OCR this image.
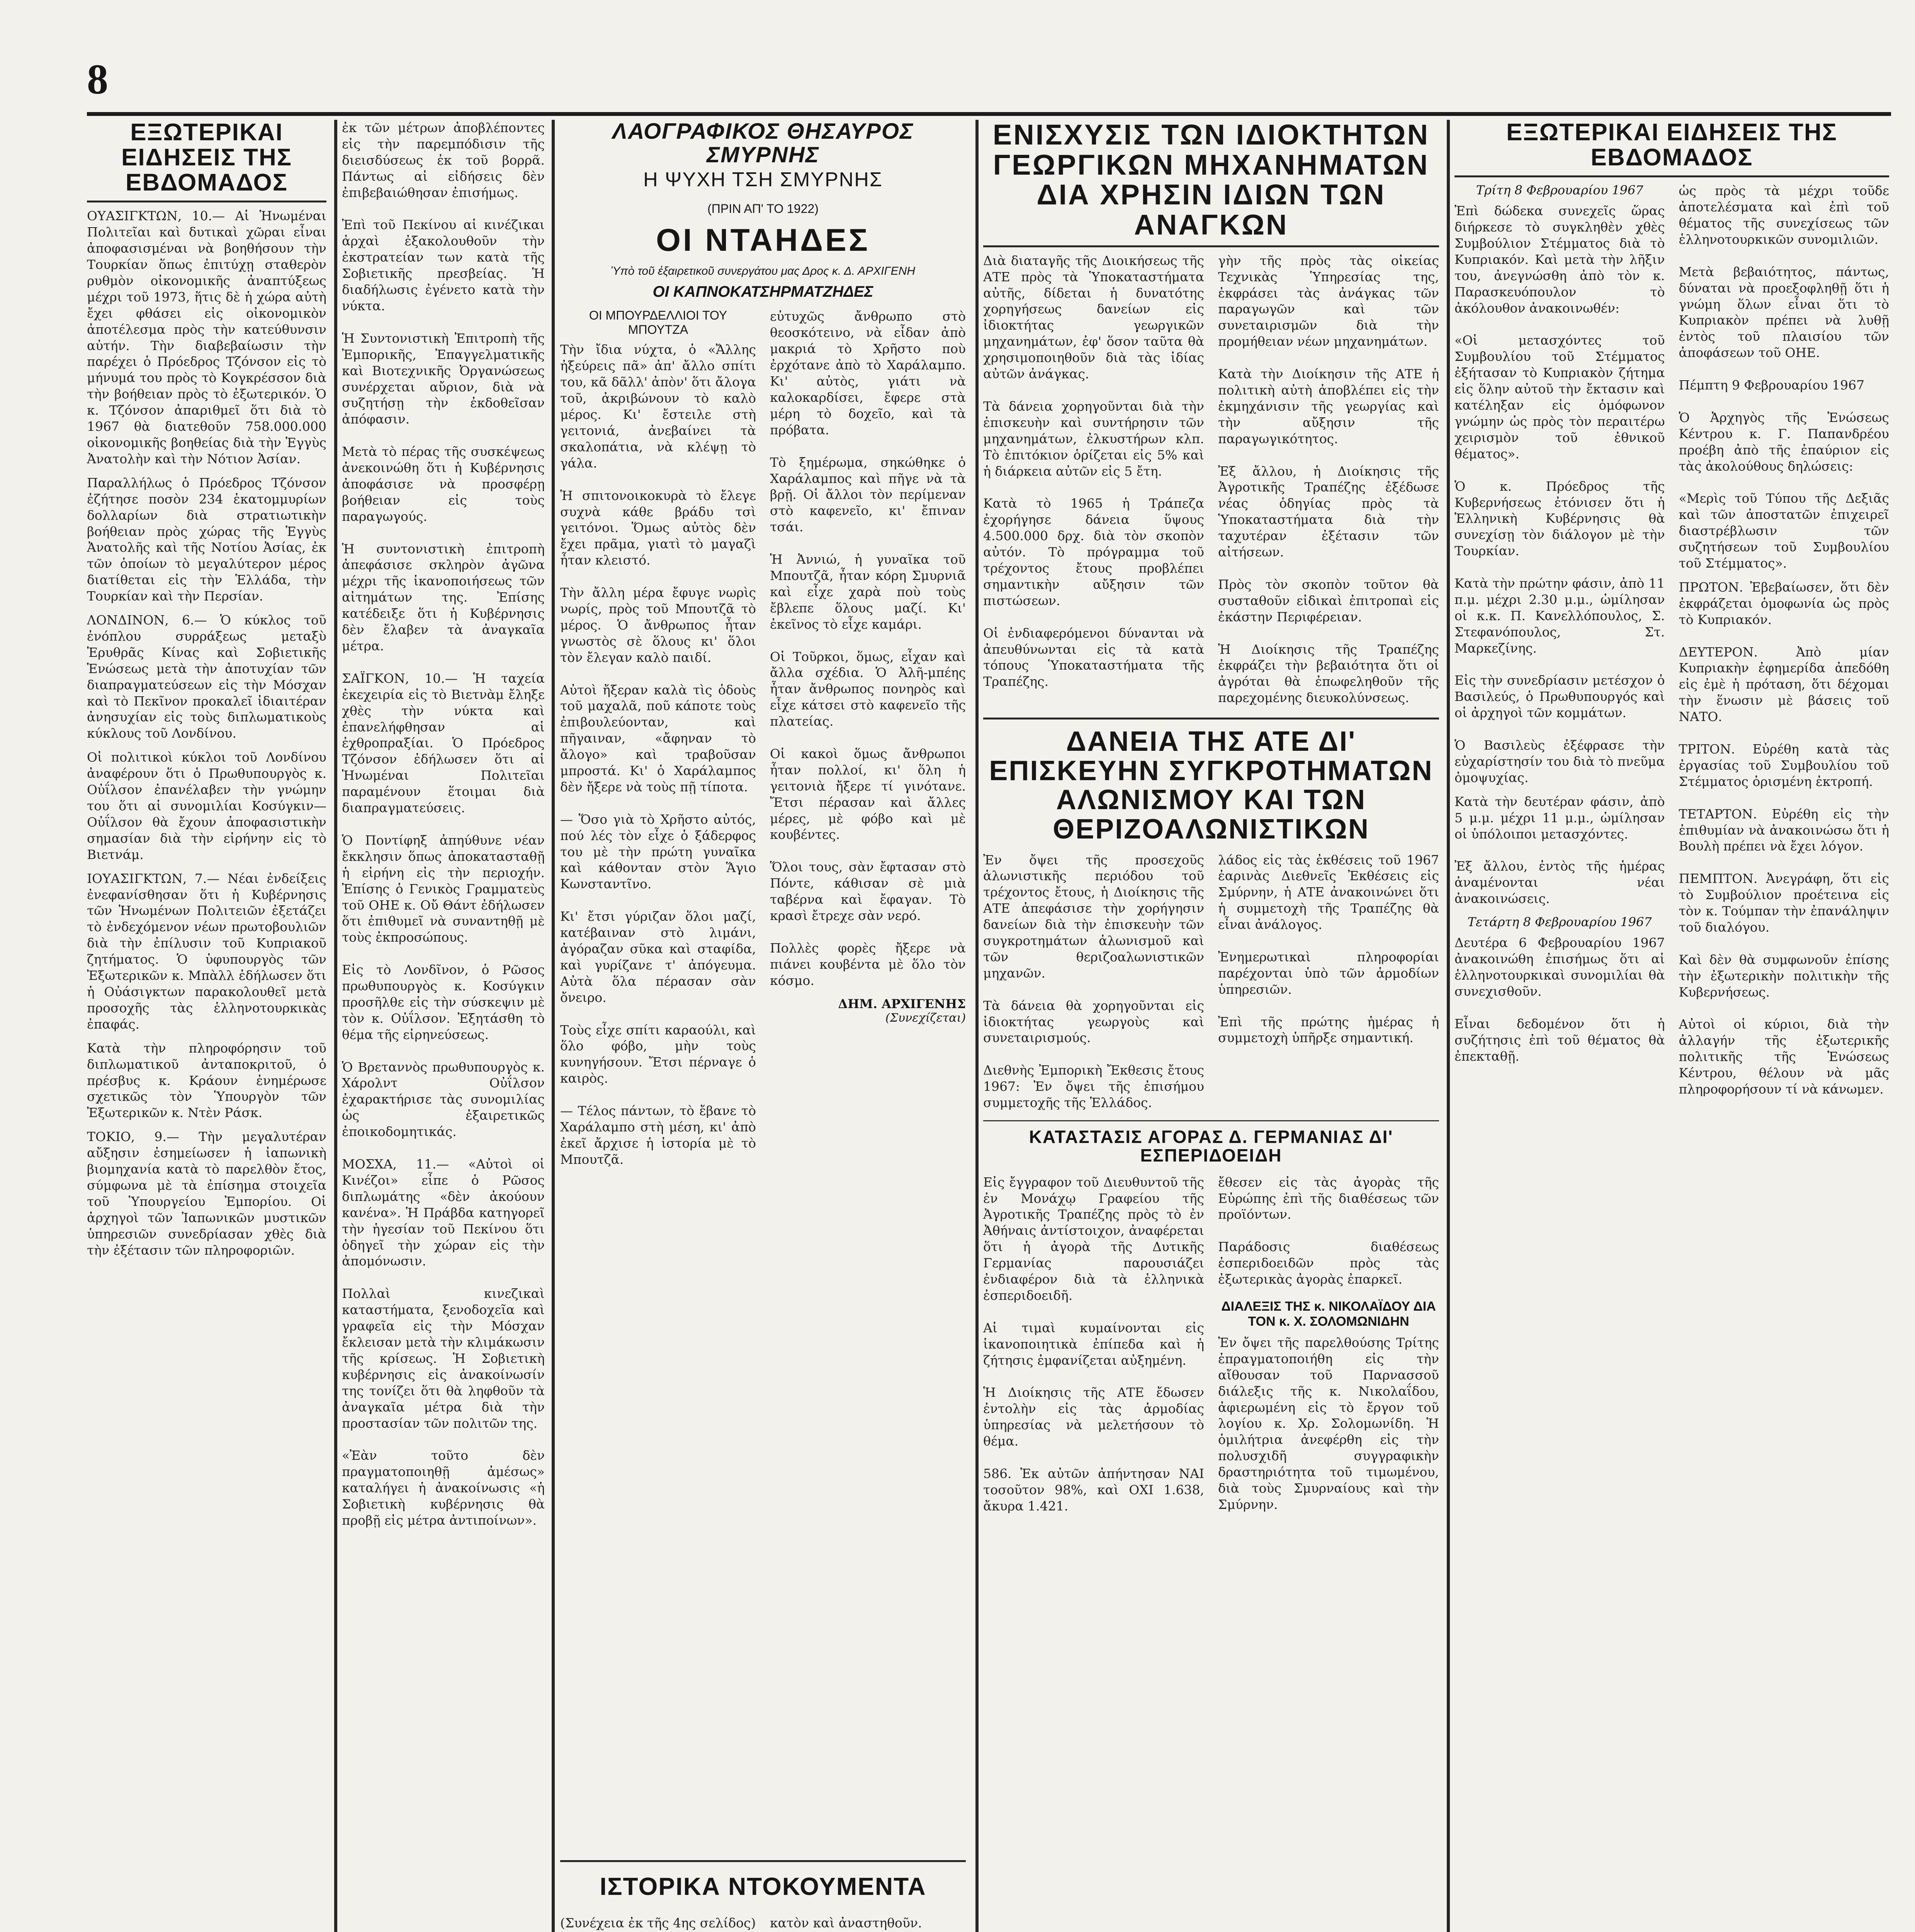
8
ΕΞΩΤΕΡΙΚΑΙ ΕΙΔΗΣΕΙΣ ΤΗΣ ΕΒΔΟΜΑΔΟΣ

ΟΥΑΣΙΓΚΤΩΝ, 10.— Αἱ Ἡνωμέναι Πολιτεῖαι καὶ δυτικαὶ χῶραι εἶναι ἀποφασισμέναι νὰ βοηθήσουν τὴν Τουρκίαν ὅπως ἐπιτύχῃ σταθερὸν ρυθμὸν οἰκονομικῆς ἀναπτύξεως μέχρι τοῦ 1973, ἥτις δὲ ἡ χώρα αὐτὴ ἔχει φθάσει εἰς οἰκονομικὸν ἀποτέλεσμα πρὸς τὴν κατεύθυνσιν αὐτήν. Τὴν διαβεβαίωσιν τὴν παρέχει ὁ Πρόεδρος Τζόνσον εἰς τὸ μήνυμά του πρὸς τὸ Κογκρέσσον διὰ τὴν βοήθειαν πρὸς τὸ ἐξωτερικόν. Ὁ κ. Τζόνσον ἀπαριθμεῖ ὅτι διὰ τὸ 1967 θὰ διατεθοῦν 758.000.000 οἰκονομικῆς βοηθείας διὰ τὴν Ἑγγὺς Ἀνατολὴν καὶ τὴν Νότιον Ἀσίαν.

Παραλλήλως ὁ Πρόεδρος Τζόνσον ἐζήτησε ποσὸν 234 ἑκατομμυρίων δολλαρίων διὰ στρατιωτικὴν βοήθειαν πρὸς χώρας τῆς Ἑγγὺς Ἀνατολῆς καὶ τῆς Νοτίου Ἀσίας, ἐκ τῶν ὁποίων τὸ μεγαλύτερον μέρος διατίθεται εἰς τὴν Ἑλλάδα, τὴν Τουρκίαν καὶ τὴν Περσίαν.

ΛΟΝΔΙΝΟΝ, 6.— Ὁ κύκλος τοῦ ἐνόπλου συρράξεως μεταξὺ Ἐρυθρᾶς Κίνας καὶ Σοβιετικῆς Ἑνώσεως μετὰ τὴν ἀποτυχίαν τῶν διαπραγματεύσεων εἰς τὴν Μόσχαν καὶ τὸ Πεκῖνον προκαλεῖ ἰδιαιτέραν ἀνησυχίαν εἰς τοὺς διπλωματικοὺς κύκλους τοῦ Λονδίνου.

Οἱ πολιτικοὶ κύκλοι τοῦ Λονδίνου ἀναφέρουν ὅτι ὁ Πρωθυπουργὸς κ. Οὐΐλσον ἐπανέλαβεν τὴν γνώμην του ὅτι αἱ συνομιλίαι Κοσύγκιν—Οὐΐλσον θὰ ἔχουν ἀποφασιστικὴν σημασίαν διὰ τὴν εἰρήνην εἰς τὸ Βιετνάμ.

ΙΟΥΑΣΙΓΚΤΩΝ, 7.— Νέαι ἐνδείξεις ἐνεφανίσθησαν ὅτι ἡ Κυβέρνησις τῶν Ἡνωμένων Πολιτειῶν ἐξετάζει τὸ ἐνδεχόμενον νέων πρωτοβουλιῶν διὰ τὴν ἐπίλυσιν τοῦ Κυπριακοῦ ζητήματος. Ὁ ὑφυπουργὸς τῶν Ἐξωτερικῶν κ. Μπὰλλ ἐδήλωσεν ὅτι ἡ Οὐάσιγκτων παρακολουθεῖ μετὰ προσοχῆς τὰς ἑλληνοτουρκικὰς ἐπαφάς.

Κατὰ τὴν πληροφόρησιν τοῦ διπλωματικοῦ ἀνταποκριτοῦ, ὁ πρέσβυς κ. Κράουν ἐνημέρωσε σχετικῶς τὸν Ὑπουργὸν τῶν Ἐξωτερικῶν κ. Ντὲν Ράσκ.

ΤΟΚΙΟ, 9.— Τὴν μεγαλυτέραν αὔξησιν ἐσημείωσεν ἡ ἰαπωνικὴ βιομηχανία κατὰ τὸ παρελθὸν ἔτος, σύμφωνα μὲ τὰ ἐπίσημα στοιχεῖα τοῦ Ὑπουργείου Ἐμπορίου. Οἱ ἀρχηγοὶ τῶν Ἰαπωνικῶν μυστικῶν ὑπηρεσιῶν συνεδρίασαν χθὲς διὰ τὴν ἐξέτασιν τῶν πληροφοριῶν.

ἐκ τῶν μέτρων ἀποβλέποντες εἰς τὴν παρεμπόδισιν τῆς διεισδύσεως ἐκ τοῦ βορρᾶ. Πάντως αἱ εἰδήσεις δὲν ἐπιβεβαιώθησαν ἐπισήμως.

Ἐπὶ τοῦ Πεκίνου αἱ κινέζικαι ἀρχαὶ ἐξακολουθοῦν τὴν ἐκστρατείαν των κατὰ τῆς Σοβιετικῆς πρεσβείας. Ἡ διαδήλωσις ἐγένετο κατὰ τὴν νύκτα.

Ἡ Συντονιστικὴ Ἐπιτροπὴ τῆς Ἐμπορικῆς, Ἐπαγγελματικῆς καὶ Βιοτεχνικῆς Ὀργανώσεως συνέρχεται αὔριον, διὰ νὰ συζητήσῃ τὴν ἐκδοθεῖσαν ἀπόφασιν.

Μετὰ τὸ πέρας τῆς συσκέψεως ἀνεκοινώθη ὅτι ἡ Κυβέρνησις ἀποφάσισε νὰ προσφέρῃ βοήθειαν εἰς τοὺς παραγωγούς.

Ἡ συντονιστικὴ ἐπιτροπὴ ἀπεφάσισε σκληρὸν ἀγῶνα μέχρι τῆς ἱκανοποιήσεως τῶν αἰτημάτων της. Ἐπίσης κατέδειξε ὅτι ἡ Κυβέρνησις δὲν ἔλαβεν τὰ ἀναγκαῖα μέτρα.

ΣΑΪΓΚΟΝ, 10.— Ἡ ταχεία ἐκεχειρία εἰς τὸ Βιετνὰμ ἔληξε χθὲς τὴν νύκτα καὶ ἐπανελήφθησαν αἱ ἐχθροπραξίαι. Ὁ Πρόεδρος Τζόνσον ἐδήλωσεν ὅτι αἱ Ἡνωμέναι Πολιτεῖαι παραμένουν ἕτοιμαι διὰ διαπραγματεύσεις.

Ὁ Ποντίφηξ ἀπηύθυνε νέαν ἔκκλησιν ὅπως ἀποκατασταθῇ ἡ εἰρήνη εἰς τὴν περιοχήν. Ἐπίσης ὁ Γενικὸς Γραμματεὺς τοῦ ΟΗΕ κ. Οὔ Θάντ ἐδήλωσεν ὅτι ἐπιθυμεῖ νὰ συναντηθῇ μὲ τοὺς ἐκπροσώπους.

Εἰς τὸ Λονδῖνον, ὁ Ρῶσος πρωθυπουργὸς κ. Κοσύγκιν προσῆλθε εἰς τὴν σύσκεψιν μὲ τὸν κ. Οὐΐλσον. Ἐξητάσθη τὸ θέμα τῆς εἰρηνεύσεως.

Ὁ Βρεταννὸς πρωθυπουργὸς κ. Χάρολντ Οὐΐλσον ἐχαρακτήρισε τὰς συνομιλίας ὡς ἐξαιρετικῶς ἐποικοδομητικάς.

ΜΟΣΧΑ, 11.— «Αὐτοὶ οἱ Κινέζοι» εἶπε ὁ Ρῶσος διπλωμάτης «δὲν ἀκούουν κανένα». Ἡ Πράβδα κατηγορεῖ τὴν ἡγεσίαν τοῦ Πεκίνου ὅτι ὁδηγεῖ τὴν χώραν εἰς τὴν ἀπομόνωσιν.

Πολλαὶ κινεζικαὶ καταστήματα, ξενοδοχεῖα καὶ γραφεῖα εἰς τὴν Μόσχαν ἔκλεισαν μετὰ τὴν κλιμάκωσιν τῆς κρίσεως. Ἡ Σοβιετικὴ κυβέρνησις εἰς ἀνακοίνωσίν της τονίζει ὅτι θὰ ληφθοῦν τὰ ἀναγκαῖα μέτρα διὰ τὴν προστασίαν τῶν πολιτῶν της.

«Ἐὰν τοῦτο δὲν πραγματοποιηθῇ ἀμέσως» καταλήγει ἡ ἀνακοίνωσις «ἡ Σοβιετικὴ κυβέρνησις θὰ προβῇ εἰς μέτρα ἀντιποίνων».

ΛΑΟΓΡΑΦΙΚΟΣ ΘΗΣΑΥΡΟΣ ΣΜΥΡΝΗΣ
Η ΨΥΧΗ ΤΣΗ ΣΜΥΡΝΗΣ
(ΠΡΙΝ ΑΠ' ΤΟ 1922)
ΟΙ ΝΤΑΗΔΕΣ
Ὑπὸ τοῦ ἐξαιρετικοῦ συνεργάτου μας Δρος κ. Δ. ΑΡΧΙΓΕΝΗ
ΟΙ ΚΑΠΝΟΚΑΤΣΗΡΜΑΤΖΗΔΕΣ
ΟΙ ΜΠΟΥΡΔΕΛΛΙΟΙ ΤΟΥ ΜΠΟΥΤΖΑ

Τὴν ἴδια νύχτα, ὁ «Ἄλλης ἠξεύρεις πᾶ» ἀπ' ἄλλο σπίτι του, κᾶ δᾶλλ' ἀπὸν' ὅτι ἄλογα τοῦ, ἀκριβώνουν τὸ καλὸ μέρος. Κι' ἔστειλε στὴ γειτονιά, ἀνεβαίνει τὰ σκαλοπάτια, νὰ κλέψῃ τὸ γάλα.

Ἡ σπιτονοικοκυρὰ τὸ ἔλεγε συχνὰ κάθε βράδυ τσὶ γειτόνοι. Ὅμως αὐτὸς δὲν ἔχει πρᾶμα, γιατὶ τὸ μαγαζὶ ἦταν κλειστό.

Τὴν ἄλλη μέρα ἔφυγε νωρὶς νωρίς, πρὸς τοῦ Μπουτζᾶ τὸ μέρος. Ὁ ἄνθρωπος ἦταν γνωστὸς σὲ ὅλους κι' ὅλοι τὸν ἔλεγαν καλὸ παιδί.

Αὐτοὶ ἤξεραν καλὰ τὶς ὁδοὺς τοῦ μαχαλᾶ, ποῦ κάποτε τοὺς ἐπιβουλεύονταν, καὶ πῆγαιναν, «ἄφηναν τὸ ἄλογο» καὶ τραβοῦσαν μπροστά. Κι' ὁ Χαράλαμπος δὲν ἤξερε νὰ τοὺς πῇ τίποτα.

— Ὅσο γιὰ τὸ Χρῆστο αὐτός, πού λές τὸν εἶχε ὁ ξάδερφος του μὲ τὴν πρώτη γυναῖκα καὶ κάθονταν στὸν Ἅγιο Κωνσταντῖνο.

Κι' ἔτσι γύριζαν ὅλοι μαζί, κατέβαιναν στὸ λιμάνι, ἀγόραζαν σῦκα καὶ σταφίδα, καὶ γυρίζανε τ' ἀπόγευμα. Αὐτὰ ὅλα πέρασαν σὰν ὄνειρο.

Τοὺς εἶχε σπίτι καραούλι, καὶ ὅλο φόβο, μὴν τοὺς κυνηγήσουν. Ἔτσι πέρναγε ὁ καιρὸς.

— Τέλος πάντων, τὸ ἔβανε τὸ Χαράλαμπο στὴ μέση, κι' ἀπὸ ἐκεῖ ἄρχισε ἡ ἱστορία μὲ τὸ Μπουτζᾶ.

εὐτυχῶς ἄνθρωπο στὸ θεοσκότεινο, νὰ εἶδαν ἀπὸ μακριά τὸ Χρῆστο ποὺ ἐρχότανε ἀπὸ τὸ Χαράλαμπο. Κι' αὐτὸς, γιάτι νὰ καλοκαρδίσει, ἔφερε στὰ μέρη τὸ δοχεῖο, καὶ τὰ πρόβατα.

Τὸ ξημέρωμα, σηκώθηκε ὁ Χαράλαμπος καὶ πῆγε νὰ τὰ βρῇ. Οἱ ἄλλοι τὸν περίμεναν στὸ καφενεῖο, κι' ἔπιναν τσάι.

Ἡ Ἀννιώ, ἡ γυναῖκα τοῦ Μπουτζᾶ, ἦταν κόρη Σμυρνιᾶ καὶ εἶχε χαρὰ ποὺ τοὺς ἔβλεπε ὅλους μαζί. Κι' ἐκεῖνος τὸ εἶχε καμάρι.

Οἱ Τοῦρκοι, ὅμως, εἶχαν καὶ ἄλλα σχέδια. Ὁ Ἀλῆ-μπέης ἦταν ἄνθρωπος πονηρὸς καὶ εἶχε κάτσει στὸ καφενεῖο τῆς πλατείας.

Οἱ κακοὶ ὅμως ἄνθρωποι ἦταν πολλοί, κι' ὅλη ἡ γειτονιὰ ἤξερε τί γινότανε. Ἔτσι πέρασαν καὶ ἄλλες μέρες, μὲ φόβο καὶ μὲ κουβέντες.

Ὅλοι τους, σὰν ἔφτασαν στὸ Πόντε, κάθισαν σὲ μιὰ ταβέρνα καὶ ἔφαγαν. Τὸ κρασὶ ἔτρεχε σὰν νερό.

Πολλὲς φορὲς ἤξερε νὰ πιάνει κουβέντα μὲ ὅλο τὸν κόσμο.

ΔΗΜ. ΑΡΧΙΓΕΝΗΣ
(Συνεχίζεται)
ΙΣΤΟΡΙΚΑ ΝΤΟΚΟΥΜΕΝΤΑ

(Συνέχεια ἐκ τῆς 4ης σελίδος)

κατὸν καὶ ἀναστηθοῦν.

ΕΝΙΣΧΥΣΙΣ ΤΩΝ ΙΔΙΟΚΤΗΤΩΝ ΓΕΩΡΓΙΚΩΝ ΜΗΧΑΝΗΜΑΤΩΝ ΔΙΑ ΧΡΗΣΙΝ ΙΔΙΩΝ ΤΩΝ ΑΝΑΓΚΩΝ

Διὰ διαταγῆς τῆς Διοικήσεως τῆς ΑΤΕ πρὸς τὰ Ὑποκαταστήματα αὐτῆς, δίδεται ἡ δυνατότης χορηγήσεως δανείων εἰς ἰδιοκτήτας γεωργικῶν μηχανημάτων, ἐφ' ὅσον ταῦτα θὰ χρησιμοποιηθοῦν διὰ τὰς ἰδίας αὐτῶν ἀνάγκας.

Τὰ δάνεια χορηγοῦνται διὰ τὴν ἐπισκευὴν καὶ συντήρησιν τῶν μηχανημάτων, ἐλκυστήρων κλπ. Τὸ ἐπιτόκιον ὁρίζεται εἰς 5% καὶ ἡ διάρκεια αὐτῶν εἰς 5 ἔτη.

Κατὰ τὸ 1965 ἡ Τράπεζα ἐχορήγησε δάνεια ὕψους 4.500.000 δρχ. διὰ τὸν σκοπὸν αὐτόν. Τὸ πρόγραμμα τοῦ τρέχοντος ἔτους προβλέπει σημαντικὴν αὔξησιν τῶν πιστώσεων.

Οἱ ἐνδιαφερόμενοι δύνανται νὰ ἀπευθύνωνται εἰς τὰ κατὰ τόπους Ὑποκαταστήματα τῆς Τραπέζης.

γὴν τῆς πρὸς τὰς οἰκείας Τεχνικὰς Ὑπηρεσίας της, ἐκφράσει τὰς ἀνάγκας τῶν παραγωγῶν καὶ τῶν συνεταιρισμῶν διὰ τὴν προμήθειαν νέων μηχανημάτων.

Κατὰ τὴν Διοίκησιν τῆς ΑΤΕ ἡ πολιτικὴ αὐτὴ ἀποβλέπει εἰς τὴν ἐκμηχάνισιν τῆς γεωργίας καὶ τὴν αὔξησιν τῆς παραγωγικότητος.

Ἐξ ἄλλου, ἡ Διοίκησις τῆς Ἀγροτικῆς Τραπέζης ἐξέδωσε νέας ὁδηγίας πρὸς τὰ Ὑποκαταστήματα διὰ τὴν ταχυτέραν ἐξέτασιν τῶν αἰτήσεων.

Πρὸς τὸν σκοπὸν τοῦτον θὰ συσταθοῦν εἰδικαὶ ἐπιτροπαὶ εἰς ἑκάστην Περιφέρειαν.

Ἡ Διοίκησις τῆς Τραπέζης ἐκφράζει τὴν βεβαιότητα ὅτι οἱ ἀγρόται θὰ ἐπωφεληθοῦν τῆς παρεχομένης διευκολύνσεως.

ΔΑΝΕΙΑ ΤΗΣ ΑΤΕ ΔΙ' ΕΠΙΣΚΕΥΗΝ ΣΥΓΚΡΟΤΗΜΑΤΩΝ ΑΛΩΝΙΣΜΟΥ ΚΑΙ ΤΩΝ ΘΕΡΙΖΟΑΛΩΝΙΣΤΙΚΩΝ

Ἐν ὄψει τῆς προσεχοῦς ἁλωνιστικῆς περιόδου τοῦ τρέχοντος ἔτους, ἡ Διοίκησις τῆς ΑΤΕ ἀπεφάσισε τὴν χορήγησιν δανείων διὰ τὴν ἐπισκευὴν τῶν συγκροτημάτων ἁλωνισμοῦ καὶ τῶν θεριζοαλωνιστικῶν μηχανῶν.

Τὰ δάνεια θὰ χορηγοῦνται εἰς ἰδιοκτήτας γεωργοὺς καὶ συνεταιρισμούς.

Διεθνὴς Ἐμπορικὴ Ἔκθεσις ἔτους 1967: Ἐν ὄψει τῆς ἐπισήμου συμμετοχῆς τῆς Ἑλλάδος.

λάδος εἰς τὰς ἐκθέσεις τοῦ 1967 ἐαρινὰς Διεθνεῖς Ἐκθέσεις εἰς Σμύρνην, ἡ ΑΤΕ ἀνακοινώνει ὅτι ἡ συμμετοχὴ τῆς Τραπέζης θὰ εἶναι ἀνάλογος.

Ἐνημερωτικαὶ πληροφορίαι παρέχονται ὑπὸ τῶν ἁρμοδίων ὑπηρεσιῶν.

Ἐπὶ τῆς πρώτης ἡμέρας ἡ συμμετοχὴ ὑπῆρξε σημαντική.

ΚΑΤΑΣΤΑΣΙΣ ΑΓΟΡΑΣ Δ. ΓΕΡΜΑΝΙΑΣ ΔΙ' ΕΣΠΕΡΙΔΟΕΙΔΗ

Εἰς ἔγγραφον τοῦ Διευθυντοῦ τῆς ἐν Μονάχῳ Γραφείου τῆς Ἀγροτικῆς Τραπέζης πρὸς τὸ ἐν Ἀθήναις ἀντίστοιχον, ἀναφέρεται ὅτι ἡ ἀγορὰ τῆς Δυτικῆς Γερμανίας παρουσιάζει ἐνδιαφέρον διὰ τὰ ἑλληνικὰ ἐσπεριδοειδῆ.

Αἱ τιμαὶ κυμαίνονται εἰς ἱκανοποιητικὰ ἐπίπεδα καὶ ἡ ζήτησις ἐμφανίζεται αὐξημένη.

Ἡ Διοίκησις τῆς ΑΤΕ ἔδωσεν ἐντολὴν εἰς τὰς ἁρμοδίας ὑπηρεσίας νὰ μελετήσουν τὸ θέμα.

586. Ἐκ αὐτῶν ἀπήντησαν ΝΑΙ τοσοῦτον 98%, καὶ ΟΧΙ 1.638, ἄκυρα 1.421.

ἔθεσεν εἰς τὰς ἀγορὰς τῆς Εὐρώπης ἐπὶ τῆς διαθέσεως τῶν προϊόντων.

Παράδοσις διαθέσεως ἐσπεριδοειδῶν πρὸς τὰς ἐξωτερικὰς ἀγορὰς ἐπαρκεῖ.

ΔΙΑΛΕΞΙΣ ΤΗΣ κ. ΝΙΚΟΛΑΪΔΟΥ ΔΙΑ ΤΟΝ κ. Χ. ΣΟΛΟΜΩΝΙΔΗΝ

Ἐν ὄψει τῆς παρελθούσης Τρίτης ἐπραγματοποιήθη εἰς τὴν αἴθουσαν τοῦ Παρνασσοῦ διάλεξις τῆς κ. Νικολαΐδου, ἀφιερωμένη εἰς τὸ ἔργον τοῦ λογίου κ. Χρ. Σολομωνίδη. Ἡ ὁμιλήτρια ἀνεφέρθη εἰς τὴν πολυσχιδῆ συγγραφικὴν δραστηριότητα τοῦ τιμωμένου, διὰ τοὺς Σμυρναίους καὶ τὴν Σμύρνην.

ΕΞΩΤΕΡΙΚΑΙ ΕΙΔΗΣΕΙΣ ΤΗΣ ΕΒΔΟΜΑΔΟΣ
Τρίτη 8 Φεβρουαρίου 1967

Ἐπὶ δώδεκα συνεχεῖς ὥρας διήρκεσε τὸ συγκληθὲν χθὲς Συμβούλιον Στέμματος διὰ τὸ Κυπριακόν. Καὶ μετὰ τὴν λῆξιν του, ἀνεγνώσθη ἀπὸ τὸν κ. Παρασκευόπουλον τὸ ἀκόλουθον ἀνακοινωθέν:

«Οἱ μετασχόντες τοῦ Συμβουλίου τοῦ Στέμματος ἐξήτασαν τὸ Κυπριακὸν ζήτημα εἰς ὅλην αὐτοῦ τὴν ἔκτασιν καὶ κατέληξαν εἰς ὁμόφωνον γνώμην ὡς πρὸς τὸν περαιτέρω χειρισμὸν τοῦ ἐθνικοῦ θέματος».

Ὁ κ. Πρόεδρος τῆς Κυβερνήσεως ἐτόνισεν ὅτι ἡ Ἑλληνικὴ Κυβέρνησις θὰ συνεχίσῃ τὸν διάλογον μὲ τὴν Τουρκίαν.

Κατὰ τὴν πρώτην φάσιν, ἀπὸ 11 π.μ. μέχρι 2.30 μ.μ., ὡμίλησαν οἱ κ.κ. Π. Κανελλόπουλος, Σ. Στεφανόπουλος, Στ. Μαρκεζίνης.

Εἰς τὴν συνεδρίασιν μετέσχον ὁ Βασιλεύς, ὁ Πρωθυπουργός καὶ οἱ ἀρχηγοὶ τῶν κομμάτων.

Ὁ Βασιλεὺς ἐξέφρασε τὴν εὐχαρίστησίν του διὰ τὸ πνεῦμα ὁμοψυχίας.

Κατὰ τὴν δευτέραν φάσιν, ἀπὸ 5 μ.μ. μέχρι 11 μ.μ., ὡμίλησαν οἱ ὑπόλοιποι μετασχόντες.

Ἐξ ἄλλου, ἐντὸς τῆς ἡμέρας ἀναμένονται νέαι ἀνακοινώσεις.

Τετάρτη 8 Φεβρουαρίου 1967

Δευτέρα 6 Φεβρουαρίου 1967 ἀνακοινώθη ἐπισήμως ὅτι αἱ ἑλληνοτουρκικαὶ συνομιλίαι θὰ συνεχισθοῦν.

Εἶναι δεδομένον ὅτι ἡ συζήτησις ἐπὶ τοῦ θέματος θὰ ἐπεκταθῇ.

ὡς πρὸς τὰ μέχρι τοῦδε ἀποτελέσματα καὶ ἐπὶ τοῦ θέματος τῆς συνεχίσεως τῶν ἑλληνοτουρκικῶν συνομιλιῶν.

Μετὰ βεβαιότητος, πάντως, δύναται νὰ προεξοφληθῇ ὅτι ἡ γνώμη ὅλων εἶναι ὅτι τὸ Κυπριακὸν πρέπει νὰ λυθῇ ἐντὸς τοῦ πλαισίου τῶν ἀποφάσεων τοῦ ΟΗΕ.

Πέμπτη 9 Φεβρουαρίου 1967

Ὁ Ἀρχηγὸς τῆς Ἑνώσεως Κέντρου κ. Γ. Παπανδρέου προέβη ἀπὸ τῆς ἐπαύριον εἰς τὰς ἀκολούθους δηλώσεις:

«Μερὶς τοῦ Τύπου τῆς Δεξιᾶς καὶ τῶν ἀποστατῶν ἐπιχειρεῖ διαστρέβλωσιν τῶν συζητήσεων τοῦ Συμβουλίου τοῦ Στέμματος».

ΠΡΩΤΟΝ. Ἐβεβαίωσεν, ὅτι δὲν ἐκφράζεται ὁμοφωνία ὡς πρὸς τὸ Κυπριακόν.

ΔΕΥΤΕΡΟΝ. Ἀπὸ μίαν Κυπριακὴν ἐφημερίδα ἀπεδόθη εἰς ἐμὲ ἡ πρόταση, ὅτι δέχομαι τὴν ἕνωσιν μὲ βάσεις τοῦ ΝΑΤΟ.

ΤΡΙΤΟΝ. Εὐρέθη κατὰ τὰς ἐργασίας τοῦ Συμβουλίου τοῦ Στέμματος ὁρισμένη ἐκτροπή.

ΤΕΤΑΡΤΟΝ. Εὐρέθη εἰς τὴν ἐπιθυμίαν νὰ ἀνακοινώσω ὅτι ἡ Βουλὴ πρέπει νὰ ἔχει λόγον.

ΠΕΜΠΤΟΝ. Ἀνεγράφη, ὅτι εἰς τὸ Συμβούλιον προέτεινα εἰς τὸν κ. Τούμπαν τὴν ἐπανάληψιν τοῦ διαλόγου.

Καὶ δὲν θὰ συμφωνοῦν ἐπίσης τὴν ἐξωτερικὴν πολιτικὴν τῆς Κυβερνήσεως.

Αὐτοὶ οἱ κύριοι, διὰ τὴν ἀλλαγήν τῆς ἐξωτερικῆς πολιτικῆς τῆς Ἑνώσεως Κέντρου, θέλουν νὰ μᾶς πληροφορήσουν τί νὰ κάνωμεν.
